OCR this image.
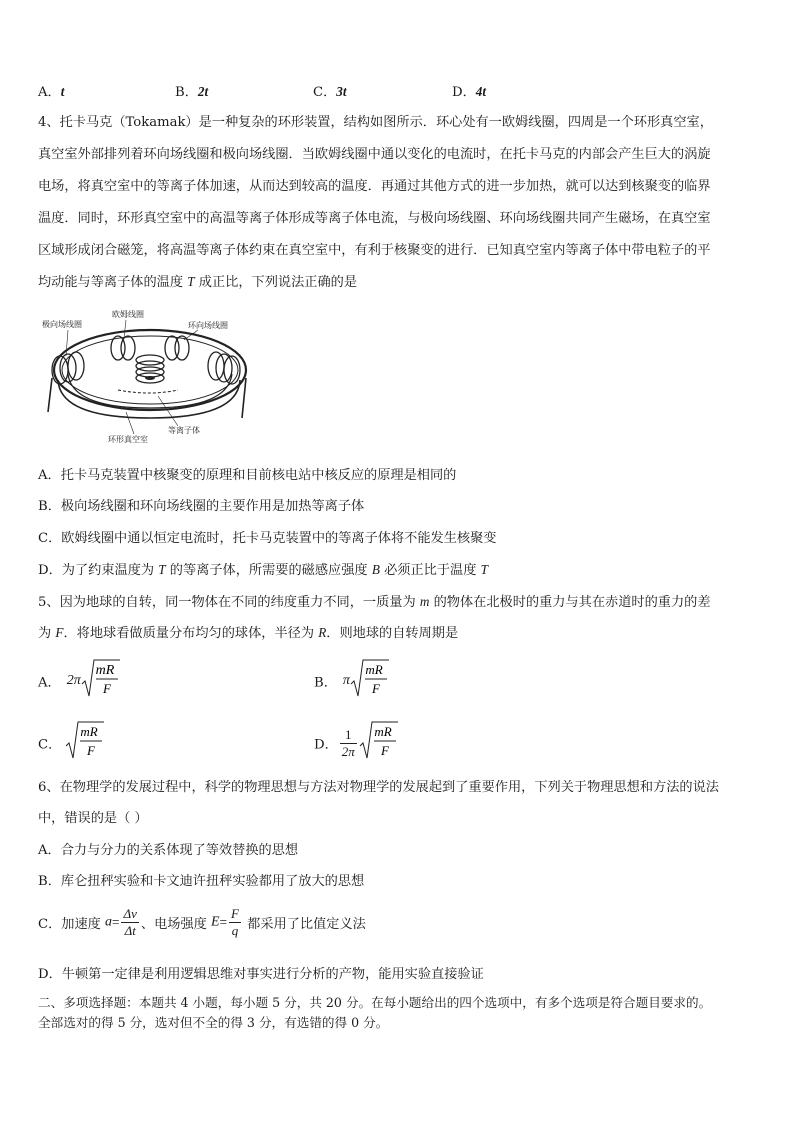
A．t	B．2t	C．3t	D．4t
4、托卡马克（Tokamak）是一种复杂的环形装置，结构如图所示．环心处有一欧姆线圈，四周是一个环形真空室，
真空室外部排列着环向场线圈和极向场线圈．当欧姆线圈中通以变化的电流时，在托卡马克的内部会产生巨大的涡旋
电场，将真空室中的等离子体加速，从而达到较高的温度．再通过其他方式的进一步加热，就可以达到核聚变的临界
温度．同时，环形真空室中的高温等离子体形成等离子体电流，与极向场线圈、环向场线圈共同产生磁场，在真空室
区域形成闭合磁笼，将高温等离子体约束在真空室中，有利于核聚变的进行．已知真空室内等离子体中带电粒子的平
均动能与等离子体的温度 T 成正比，下列说法正确的是
极向场线圈
欧姆线圈
环向场线圈
等离子体
环形真空室
A．托卡马克装置中核聚变的原理和目前核电站中核反应的原理是相同的
B．极向场线圈和环向场线圈的主要作用是加热等离子体
C．欧姆线圈中通以恒定电流时，托卡马克装置中的等离子体将不能发生核聚变
D．为了约束温度为 T 的等离子体，所需要的磁感应强度 B 必须正比于温度 T
5、因为地球的自转，同一物体在不同的纬度重力不同，一质量为 m 的物体在北极时的重力与其在赤道时的重力的差
为 F．将地球看做质量分布均匀的球体，半径为 R．则地球的自转周期是
A． 2π
mR
F	B． π
mR
F
C．
mR
F	D． $\frac{1}{2\pi}$ mR
F
6、在物理学的发展过程中，科学的物理思想与方法对物理学的发展起到了重要作用，下列关于物理思想和方法的说法
中，错误的是（ ）
A．合力与分力的关系体现了等效替换的思想
B．库仑扭秤实验和卡文迪许扭秤实验都用了放大的思想
C．加速度 $a= \frac{\Delta v}{\Delta t}$ 、电场强度 $E= \frac{F}{q}$ 都采用了比值定义法
D．牛顿第一定律是利用逻辑思维对事实进行分析的产物，能用实验直接验证
二、多项选择题：本题共 4 小题，每小题 5 分，共 20 分。在每小题给出的四个选项中，有多个选项是符合题目要求的。
全部选对的得 5 分，选对但不全的得 3 分，有选错的得 0 分。
